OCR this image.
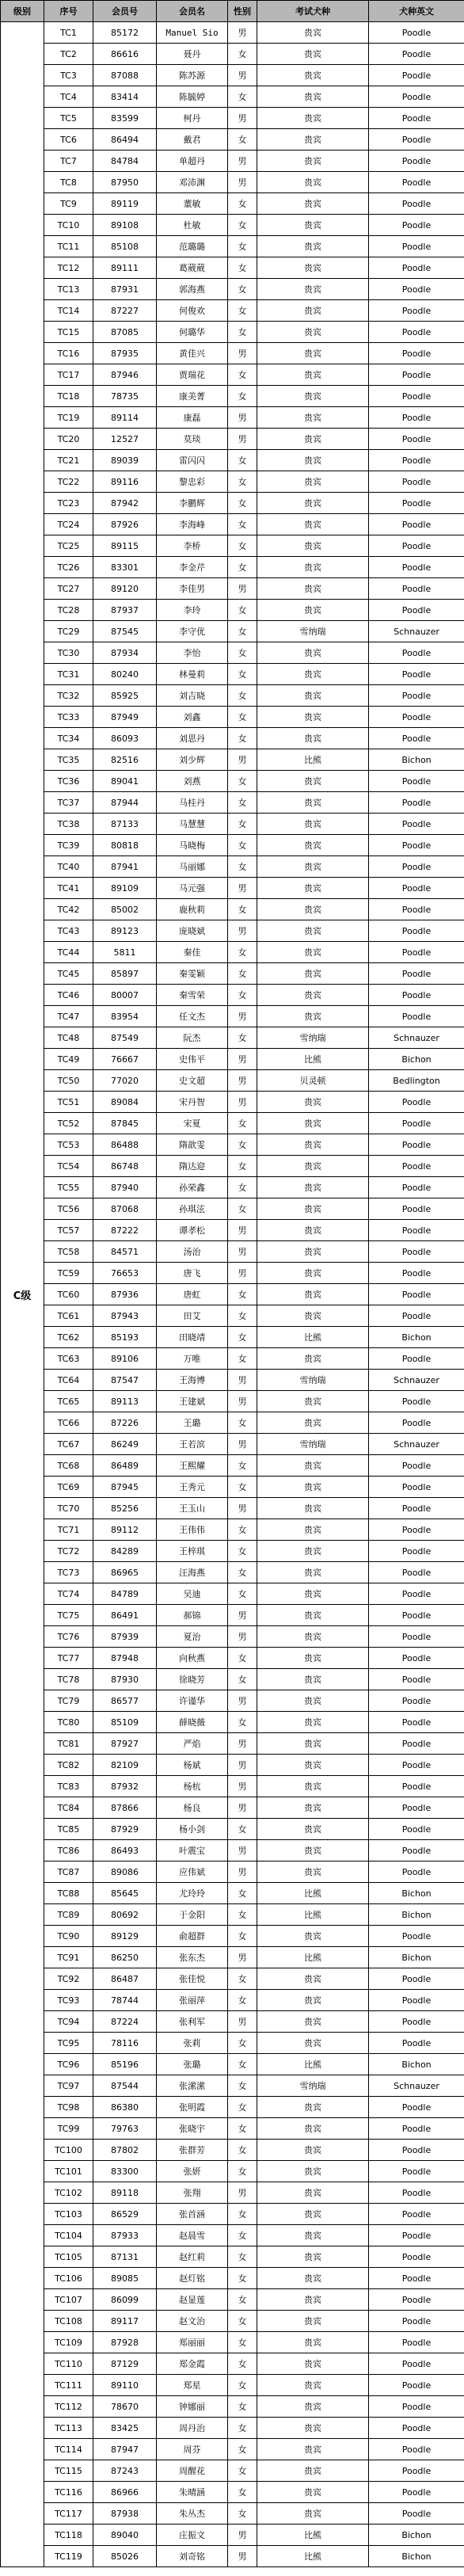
级别	序号	会员号	会员名	性别	考试犬种	犬种英文
C级	TC1	85172	Manuel Sio	男	贵宾	Poodle
	TC2	86616	聂丹	女	贵宾	Poodle
	TC3	87088	陈苏源	男	贵宾	Poodle
	TC4	83414	陈毓婷	女	贵宾	Poodle
	TC5	83599	柯丹	男	贵宾	Poodle
	TC6	86494	戴君	女	贵宾	Poodle
	TC7	84784	单超丹	男	贵宾	Poodle
	TC8	87950	邓沛渊	男	贵宾	Poodle
	TC9	89119	董敏	女	贵宾	Poodle
	TC10	89108	杜敏	女	贵宾	Poodle
	TC11	85108	范璐璐	女	贵宾	Poodle
	TC12	89111	葛葳葳	女	贵宾	Poodle
	TC13	87931	郭海燕	女	贵宾	Poodle
	TC14	87227	何俊欢	女	贵宾	Poodle
	TC15	87085	何璐华	女	贵宾	Poodle
	TC16	87935	黄佳兴	男	贵宾	Poodle
	TC17	87946	贾瑞花	女	贵宾	Poodle
	TC18	78735	康美菁	女	贵宾	Poodle
	TC19	89114	康磊	男	贵宾	Poodle
	TC20	12527	莫琰	男	贵宾	Poodle
	TC21	89039	雷闪闪	女	贵宾	Poodle
	TC22	89116	黎忠彩	女	贵宾	Poodle
	TC23	87942	李鹏辉	女	贵宾	Poodle
	TC24	87926	李海峰	女	贵宾	Poodle
	TC25	89115	李桥	女	贵宾	Poodle
	TC26	83301	李金芹	女	贵宾	Poodle
	TC27	89120	李佳男	男	贵宾	Poodle
	TC28	87937	李玲	女	贵宾	Poodle
	TC29	87545	李守优	女	雪纳瑞	Schnauzer
	TC30	87934	李怡	女	贵宾	Poodle
	TC31	80240	林曼莉	女	贵宾	Poodle
	TC32	85925	刘吉晓	女	贵宾	Poodle
	TC33	87949	刘鑫	女	贵宾	Poodle
	TC34	86093	刘思丹	女	贵宾	Poodle
	TC35	82516	刘少辉	男	比熊	Bichon
	TC36	89041	刘燕	女	贵宾	Poodle
	TC37	87944	马桂丹	女	贵宾	Poodle
	TC38	87133	马慧慧	女	贵宾	Poodle
	TC39	80818	马晓梅	女	贵宾	Poodle
	TC40	87941	马丽娜	女	贵宾	Poodle
	TC41	89109	马元强	男	贵宾	Poodle
	TC42	85002	鹿秋莉	女	贵宾	Poodle
	TC43	89123	庞晓斌	男	贵宾	Poodle
	TC44	5811	秦佳	女	贵宾	Poodle
	TC45	85897	秦雯颖	女	贵宾	Poodle
	TC46	80007	秦雪荣	女	贵宾	Poodle
	TC47	83954	任文杰	男	贵宾	Poodle
	TC48	87549	阮杰	女	雪纳瑞	Schnauzer
	TC49	76667	史伟平	男	比熊	Bichon
	TC50	77020	史文超	男	贝灵顿	Bedlington
	TC51	89084	宋丹智	男	贵宾	Poodle
	TC52	87845	宋夏	女	贵宾	Poodle
	TC53	86488	隋歆雯	女	贵宾	Poodle
	TC54	86748	隋达迎	女	贵宾	Poodle
	TC55	87940	孙荣鑫	女	贵宾	Poodle
	TC56	87068	孙琪泫	女	贵宾	Poodle
	TC57	87222	谭孝松	男	贵宾	Poodle
	TC58	84571	汤治	男	贵宾	Poodle
	TC59	76653	唐飞	男	贵宾	Poodle
	TC60	87936	唐虹	女	贵宾	Poodle
	TC61	87943	田艾	女	贵宾	Poodle
	TC62	85193	田晓靖	女	比熊	Bichon
	TC63	89106	万唯	女	贵宾	Poodle
	TC64	87547	王海博	男	雪纳瑞	Schnauzer
	TC65	89113	王建斌	男	贵宾	Poodle
	TC66	87226	王璐	女	贵宾	Poodle
	TC67	86249	王若滨	男	雪纳瑞	Schnauzer
	TC68	86489	王熙耀	女	贵宾	Poodle
	TC69	87945	王秀元	女	贵宾	Poodle
	TC70	85256	王玉山	男	贵宾	Poodle
	TC71	89112	王伟伟	女	贵宾	Poodle
	TC72	84289	王梓琪	女	贵宾	Poodle
	TC73	86965	汪海燕	女	贵宾	Poodle
	TC74	84789	吴迪	女	贵宾	Poodle
	TC75	86491	郝锦	男	贵宾	Poodle
	TC76	87939	夏治	男	贵宾	Poodle
	TC77	87948	向秋燕	女	贵宾	Poodle
	TC78	87930	徐晓芳	女	贵宾	Poodle
	TC79	86577	许谨华	男	贵宾	Poodle
	TC80	85109	薛晓薇	女	贵宾	Poodle
	TC81	87927	严焰	男	贵宾	Poodle
	TC82	82109	杨斌	男	贵宾	Poodle
	TC83	87932	杨杭	男	贵宾	Poodle
	TC84	87866	杨良	男	贵宾	Poodle
	TC85	87929	杨小剑	女	贵宾	Poodle
	TC86	86493	叶震宝	男	贵宾	Poodle
	TC87	89086	应伟斌	男	贵宾	Poodle
	TC88	85645	尤玲玲	女	比熊	Bichon
	TC89	80692	于金阳	女	比熊	Bichon
	TC90	89129	俞超群	女	贵宾	Poodle
	TC91	86250	张东杰	男	比熊	Bichon
	TC92	86487	张佳悦	女	贵宾	Poodle
	TC93	78744	张丽萍	女	贵宾	Poodle
	TC94	87224	张利军	男	贵宾	Poodle
	TC95	78116	张莉	女	贵宾	Poodle
	TC96	85196	张璐	女	比熊	Bichon
	TC97	87544	张潆潆	女	雪纳瑞	Schnauzer
	TC98	86380	张明霞	女	贵宾	Poodle
	TC99	79763	张晓宇	女	贵宾	Poodle
	TC100	87802	张群芳	女	贵宾	Poodle
	TC101	83300	张妍	女	贵宾	Poodle
	TC102	89118	张翔	男	贵宾	Poodle
	TC103	86529	张首涵	女	贵宾	Poodle
	TC104	87933	赵晨雪	女	贵宾	Poodle
	TC105	87131	赵红莉	女	贵宾	Poodle
	TC106	89085	赵灯铭	女	贵宾	Poodle
	TC107	86099	赵显莲	女	贵宾	Poodle
	TC108	89117	赵文治	女	贵宾	Poodle
	TC109	87928	郑丽丽	女	贵宾	Poodle
	TC110	87129	郑金霞	女	贵宾	Poodle
	TC111	89110	郑星	女	贵宾	Poodle
	TC112	78670	钟娜丽	女	贵宾	Poodle
	TC113	83425	周丹治	女	贵宾	Poodle
	TC114	87947	周芬	女	贵宾	Poodle
	TC115	87243	周醒花	女	贵宾	Poodle
	TC116	86966	朱晴涵	女	贵宾	Poodle
	TC117	87938	朱丛杰	女	贵宾	Poodle
	TC118	89040	庄振文	男	比熊	Bichon
	TC119	85026	刘奇铭	男	比熊	Bichon
